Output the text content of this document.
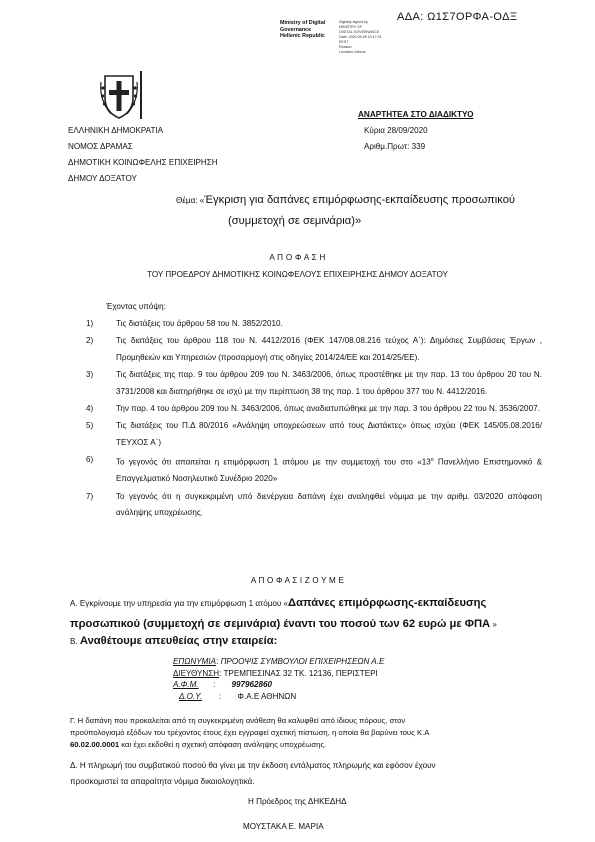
ΑΔΑ: Ω1Σ7ΟΡΦΑ-ΟΔΞ
Ministry of Digital
Governance
Hellenic Republic
Digitally signed by
MINISTRY OF
DIGITAL GOVERNANCE
Date: 2020.09.28 10:17:31
EEST
Reason:
Location: Athens
ΑΝΑΡΤΗΤΕΑ ΣΤΟ ΔΙΑΔΙΚΤΥΟ
ΕΛΛΗΝΙΚΗ ΔΗΜΟΚΡΑΤΙΑ
ΝΟΜΟΣ ΔΡΑΜΑΣ
ΔΗΜΟΤΙΚΗ ΚΟΙΝΩΦΕΛΗΣ ΕΠΙΧΕΙΡΗΣΗ
ΔΗΜΟΥ ΔΟΞΑΤΟΥ
Κύρια 28/09/2020
Αριθμ.Πρωτ: 339
Θέμα: «Έγκριση για δαπάνες επιμόρφωσης-εκπαίδευσης προσωπικού
(συμμετοχή σε σεμινάρια)»
Α Π Ο Φ Α Σ Η
ΤΟΥ ΠΡΟΕΔΡΟΥ ΔΗΜΟΤΙΚΗΣ ΚΟΙΝΩΦΕΛΟΥΣ ΕΠΙΧΕΙΡΗΣΗΣ ΔΗΜΟΥ ΔΟΞΑΤΟΥ
Έχοντας υπόψη:
1)	Τις διατάξεις του άρθρου 58 του Ν. 3852/2010.
2)	Τις διατάξεις του άρθρου 118 του Ν. 4412/2016 (ΦΕΚ 147/08.08.216 τεύχος Α΄): Δημόσιες Συμβάσεις Έργων , Προμηθειών και Υπηρεσιών (προσαρμογή στις οδηγίες 2014/24/ΕΕ και 2014/25/ΕΕ).
3)	Τις διατάξεις της παρ. 9 του άρθρου 209 του Ν. 3463/2006, όπως προστέθηκε με την παρ. 13 του άρθρου 20 του Ν. 3731/2008 και διατηρήθηκε σε ισχύ με την περίπτωση 38 της παρ. 1 του άρθρου 377 του Ν. 4412/2016.
4)	Την παρ. 4 του άρθρου 209 του Ν. 3463/2006, όπως αναδιατυπώθηκε με την παρ. 3 του άρθρου 22 του Ν. 3536/2007.
5)	Τις διατάξεις του Π.Δ 80/2016 «Ανάληψη υποχρεώσεων από τους Διατάκτες» όπως ισχύει (ΦΕΚ 145/05.08.2016/ΤΕΥΧΟΣ Α΄)
6)	Το γεγονός ότι απαιτείται η επιμόρφωση 1 ατόμου με την συμμετοχή του στο «$13^o$ Πανελλήνιο Επιστημονικό & Επαγγελματικό Νοσηλευτικό Συνέδριο 2020»
7)	Το γεγονός ότι η συγκεκριμένη υπό διενέργεια δαπάνη έχει αναληφθεί νόμιμα με την αριθμ. 03/2020 απόφαση ανάληψης υποχρέωσης.
Α Π Ο Φ Α Σ Ι Ζ Ο Υ Μ Ε
Α. Εγκρίνουμε την υπηρεσία για την επιμόρφωση 1 ατόμου «Δαπάνες επιμόρφωσης-εκπαίδευσης
προσωπικού (συμμετοχή σε σεμινάρια) έναντι του ποσού των 62 ευρώ με ΦΠΑ »
Β. Αναθέτουμε απευθείας στην εταιρεία:
ΕΠΩΝΥΜΙΑ: ΠΡΟΟΨΙΣ ΣΥΜΒΟΥΛΟΙ ΕΠΙΧΕΙΡΗΣΕΩΝ Α.Ε
ΔΙΕΥΘΥΝΣΗ: ΤΡΕΜΠΕΣΙΝΑΣ 32 ΤΚ. 12136, ΠΕΡΙΣΤΕΡΙ
Α.Φ.Μ. : 997962860
Δ.Ο.Υ. : Φ.Α.Ε ΑΘΗΝΩΝ
Γ. Η δαπάνη που προκαλείται από τη συγκεκριμένη ανάθεση θα καλυφθεί από ίδιους πόρους, στον
προϋπολογισμό εξόδων του τρέχοντος έτους έχει εγγραφεί σχετική πίστωση, η οποία θα βαρύνει τους Κ.Α
60.02.00.0001 και έχει εκδοθεί η σχετική απόφαση ανάληψης υποχρέωσης.
Δ. Η πληρωμή του συμβατικού ποσού θα γίνει με την έκδοση εντάλματος πληρωμής και εφόσον έχουν
προσκομιστεί τα απαραίτητα νόμιμα δικαιολογητικά.
Η Πρόεδρος της ΔΗΚΕΔΗΔ
ΜΟΥΣΤΑΚΑ Ε. ΜΑΡΙΑ
